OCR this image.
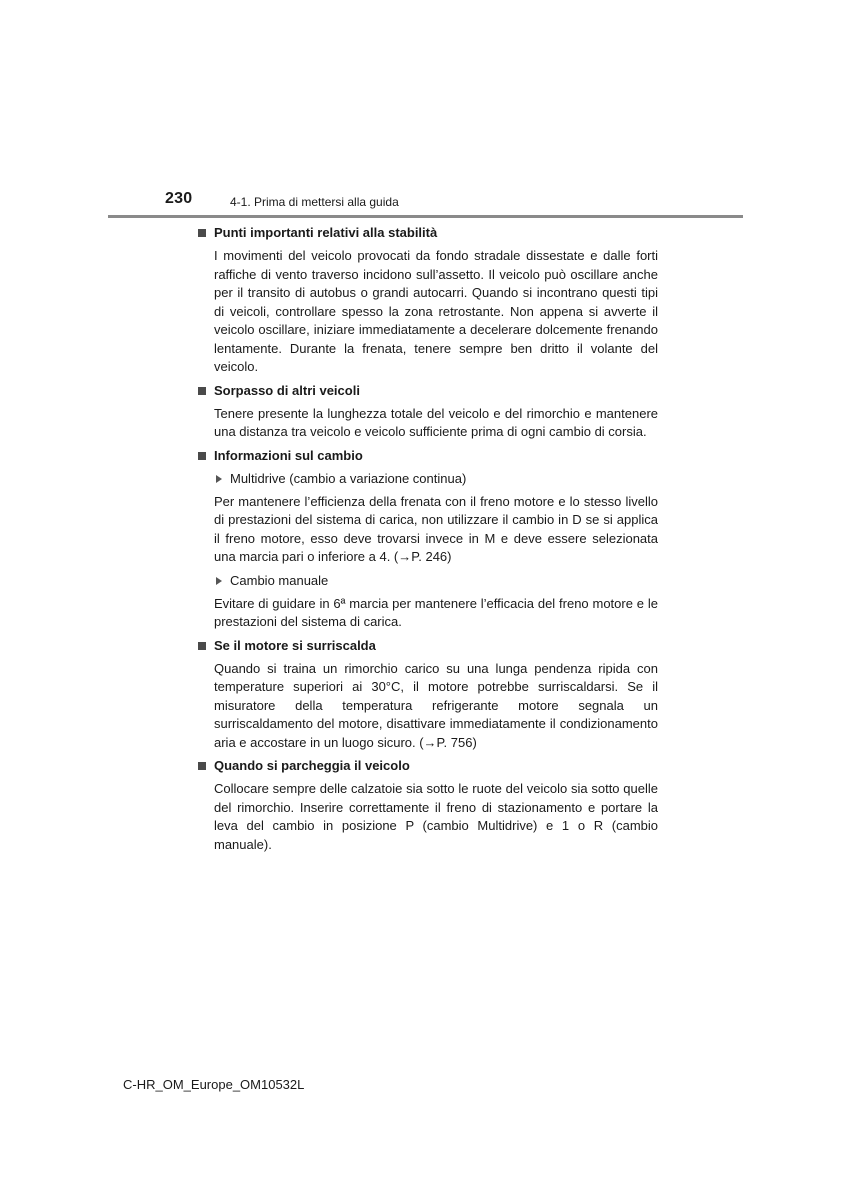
230	4-1. Prima di mettersi alla guida
Punti importanti relativi alla stabilità
I movimenti del veicolo provocati da fondo stradale dissestate e dalle forti raffiche di vento traverso incidono sull’assetto. Il veicolo può oscillare anche per il transito di autobus o grandi autocarri. Quando si incontrano questi tipi di veicoli, controllare spesso la zona retrostante. Non appena si avverte il veicolo oscillare, iniziare immediatamente a decelerare dolcemente frenando lentamente. Durante la frenata, tenere sempre ben dritto il volante del veicolo.
Sorpasso di altri veicoli
Tenere presente la lunghezza totale del veicolo e del rimorchio e mantenere una distanza tra veicolo e veicolo sufficiente prima di ogni cambio di corsia.
Informazioni sul cambio
Multidrive (cambio a variazione continua)
Per mantenere l’efficienza della frenata con il freno motore e lo stesso livello di prestazioni del sistema di carica, non utilizzare il cambio in D se si applica il freno motore, esso deve trovarsi invece in M e deve essere selezionata una marcia pari o inferiore a 4. (→P. 246)
Cambio manuale
Evitare di guidare in 6ª marcia per mantenere l’efficacia del freno motore e le prestazioni del sistema di carica.
Se il motore si surriscalda
Quando si traina un rimorchio carico su una lunga pendenza ripida con temperature superiori ai 30°C, il motore potrebbe surriscaldarsi. Se il misuratore della temperatura refrigerante motore segnala un surriscaldamento del motore, disattivare immediatamente il condizionamento aria e accostare in un luogo sicuro. (→P. 756)
Quando si parcheggia il veicolo
Collocare sempre delle calzatoie sia sotto le ruote del veicolo sia sotto quelle del rimorchio. Inserire correttamente il freno di stazionamento e portare la leva del cambio in posizione P (cambio Multidrive) e 1 o R (cambio manuale).
C-HR_OM_Europe_OM10532L
